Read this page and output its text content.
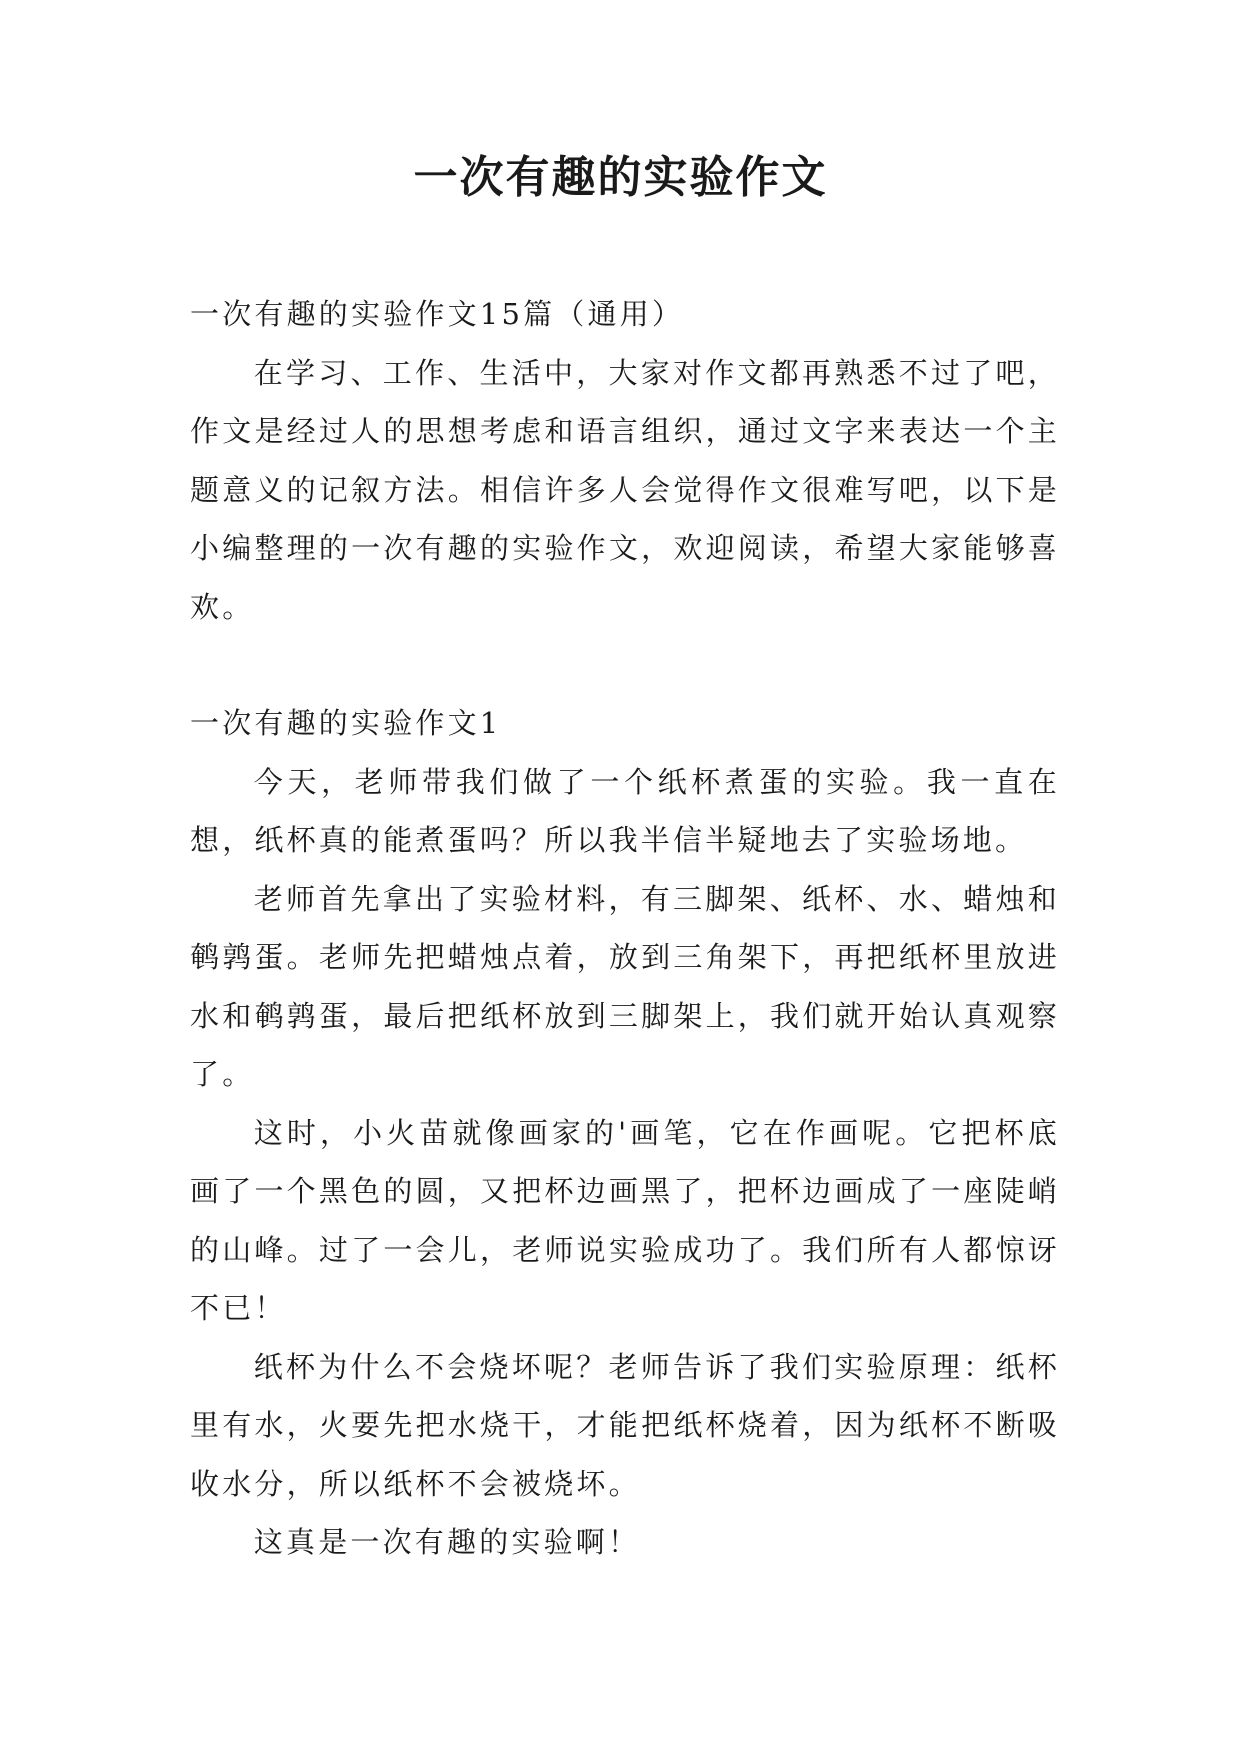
一次有趣的实验作文
一次有趣的实验作文15篇（通用）

在学习、工作、生活中，大家对作文都再熟悉不过了吧，作文是经过人的思想考虑和语言组织，通过文字来表达一个主题意义的记叙方法。相信许多人会觉得作文很难写吧，以下是小编整理的一次有趣的实验作文，欢迎阅读，希望大家能够喜欢。

一次有趣的实验作文1

今天，老师带我们做了一个纸杯煮蛋的实验。我一直在想，纸杯真的能煮蛋吗？所以我半信半疑地去了实验场地。

老师首先拿出了实验材料，有三脚架、纸杯、水、蜡烛和鹌鹑蛋。老师先把蜡烛点着，放到三角架下，再把纸杯里放进水和鹌鹑蛋，最后把纸杯放到三脚架上，我们就开始认真观察了。

这时，小火苗就像画家的'画笔，它在作画呢。它把杯底画了一个黑色的圆，又把杯边画黑了，把杯边画成了一座陡峭的山峰。过了一会儿，老师说实验成功了。我们所有人都惊讶不已！

纸杯为什么不会烧坏呢？老师告诉了我们实验原理：纸杯里有水，火要先把水烧干，才能把纸杯烧着，因为纸杯不断吸收水分，所以纸杯不会被烧坏。

这真是一次有趣的实验啊！
